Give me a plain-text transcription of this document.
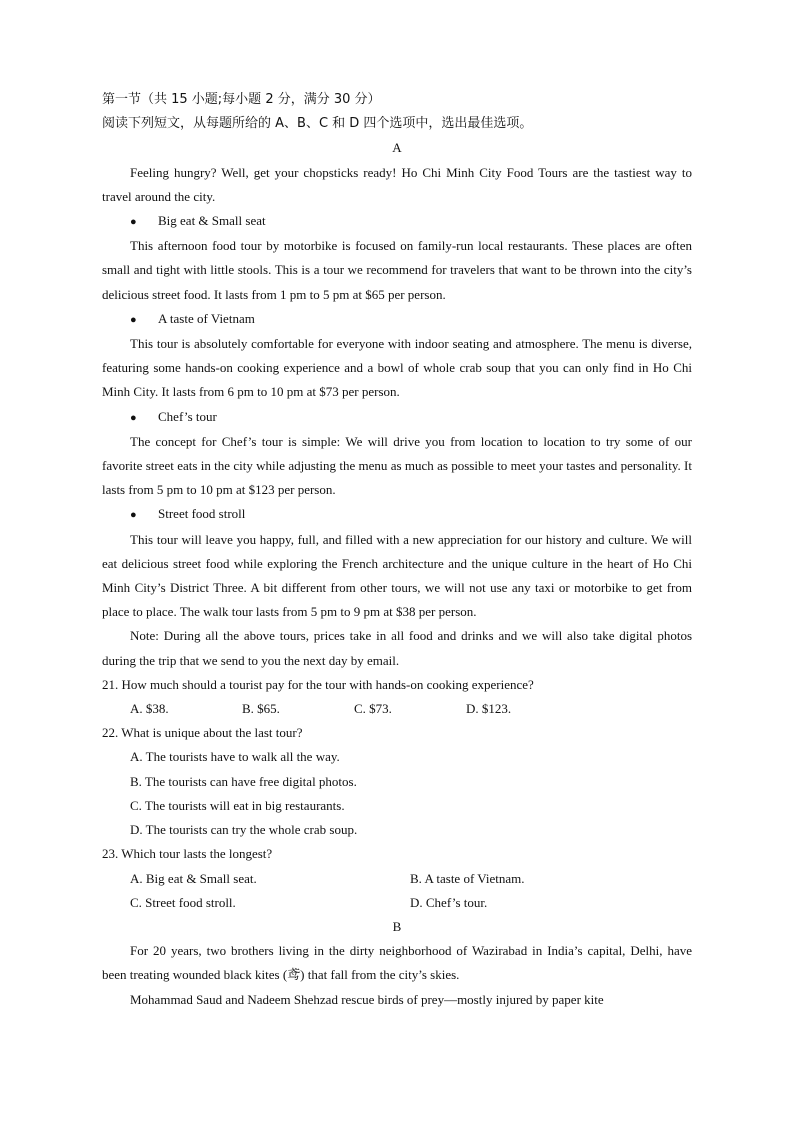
第一节（共 15 小题;每小题 2 分，满分 30 分）
阅读下列短文，从每题所给的 A、B、C 和 D 四个选项中，选出最佳选项。
A

Feeling hungry? Well, get your chopsticks ready! Ho Chi Minh City Food Tours are the tastiest way to travel around the city.

● Big eat & Small seat

This afternoon food tour by motorbike is focused on family-run local restaurants. These places are often small and tight with little stools. This is a tour we recommend for travelers that want to be thrown into the city’s delicious street food. It lasts from 1 pm to 5 pm at $65 per person.

● A taste of Vietnam

This tour is absolutely comfortable for everyone with indoor seating and atmosphere. The menu is diverse, featuring some hands-on cooking experience and a bowl of whole crab soup that you can only find in Ho Chi Minh City. It lasts from 6 pm to 10 pm at $73 per person.

● Chef’s tour

The concept for Chef’s tour is simple: We will drive you from location to location to try some of our favorite street eats in the city while adjusting the menu as much as possible to meet your tastes and personality. It lasts from 5 pm to 10 pm at $123 per person.

● Street food stroll

This tour will leave you happy, full, and filled with a new appreciation for our history and culture. We will eat delicious street food while exploring the French architecture and the unique culture in the heart of Ho Chi Minh City’s District Three. A bit different from other tours, we will not use any taxi or motorbike to get from place to place. The walk tour lasts from 5 pm to 9 pm at $38 per person.

Note: During all the above tours, prices take in all food and drinks and we will also take digital photos during the trip that we send to you the next day by email.

21. How much should a tourist pay for the tour with hands-on cooking experience?
A. $38.	B. $65.	C. $73.	D. $123.
22. What is unique about the last tour?
A. The tourists have to walk all the way.
B. The tourists can have free digital photos.
C. The tourists will eat in big restaurants.
D. The tourists can try the whole crab soup.
23. Which tour lasts the longest?
A. Big eat & Small seat.	B. A taste of Vietnam.
C. Street food stroll.	D. Chef’s tour.
B

For 20 years, two brothers living in the dirty neighborhood of Wazirabad in India’s capital, Delhi, have been treating wounded black kites (鸢) that fall from the city’s skies.

Mohammad Saud and Nadeem Shehzad rescue birds of prey—mostly injured by paper kite
